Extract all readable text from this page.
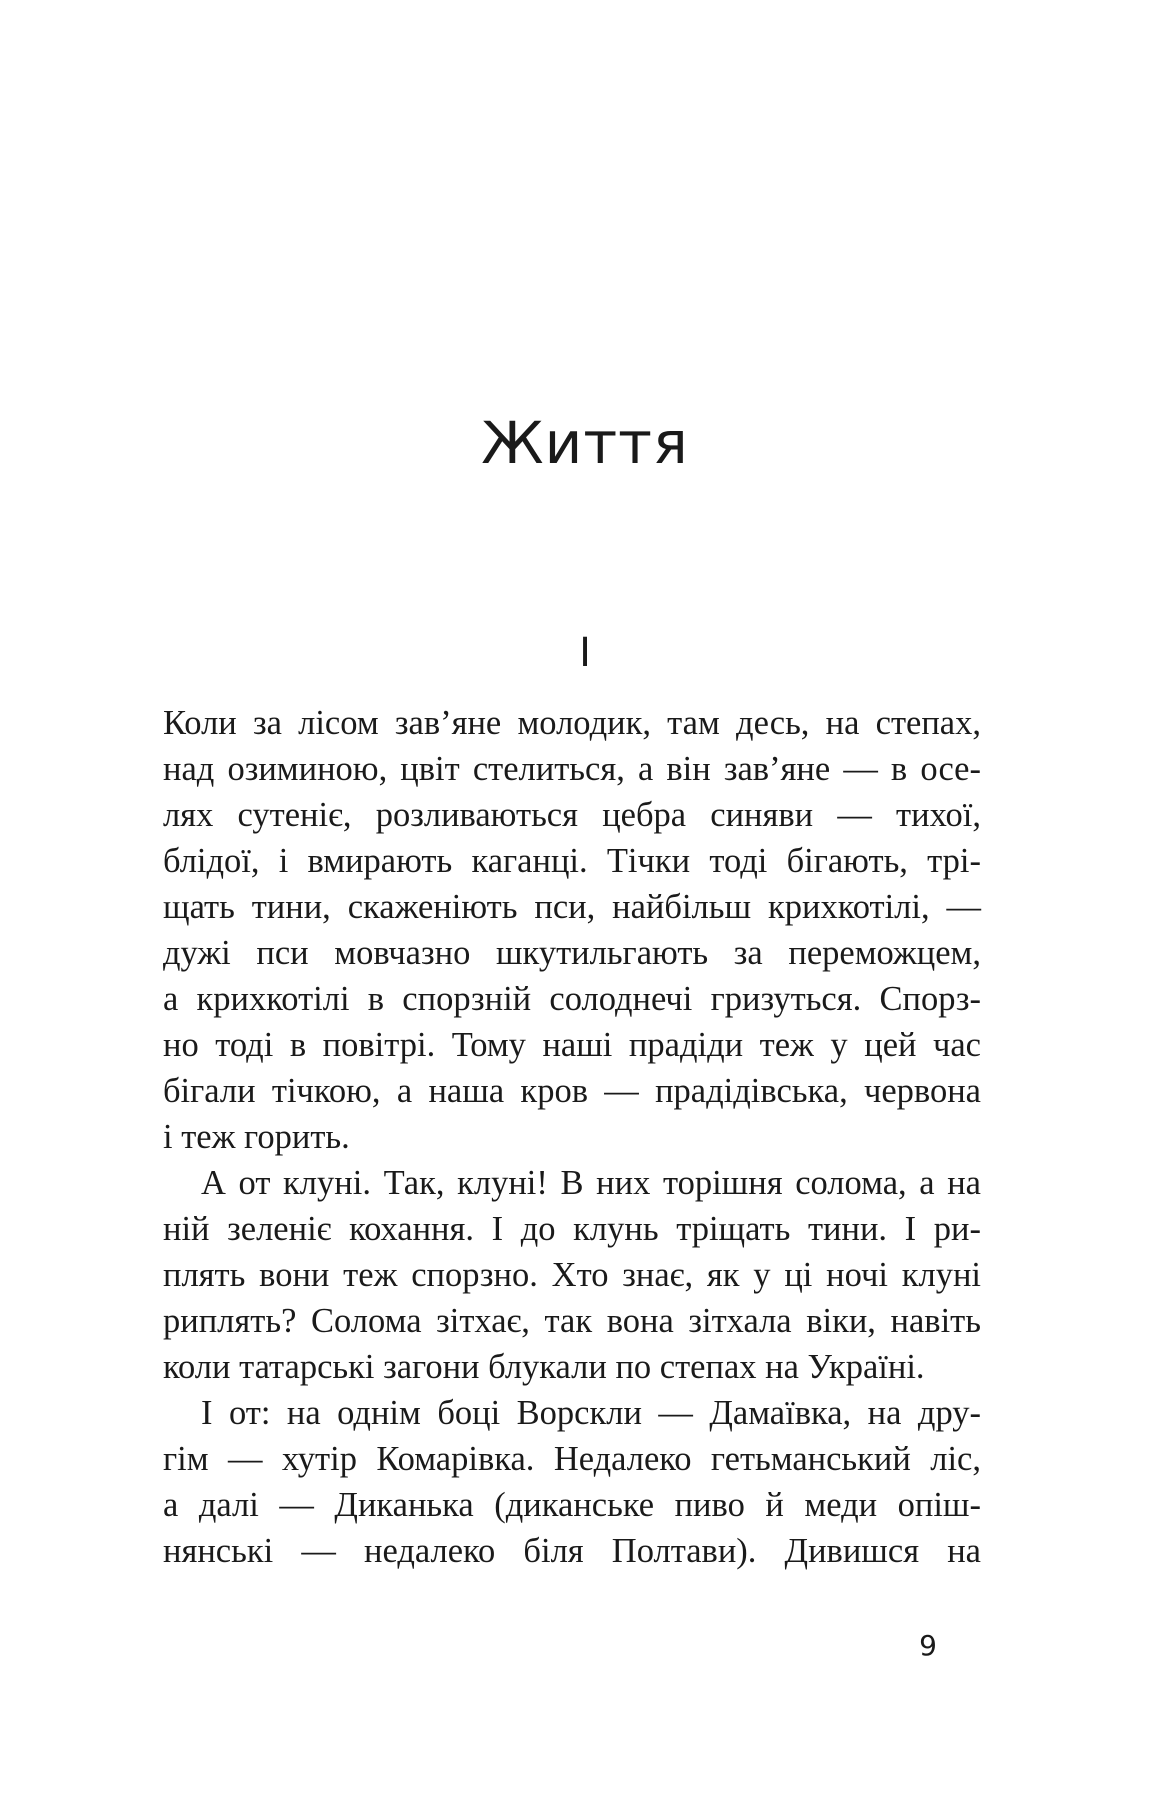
Життя
I
Коли за лісом зав’яне молодик, там десь, на степах,
над озиминою, цвіт стелиться, а він зав’яне — в осе-
лях сутеніє, розливаються цебра синяви — тихої,
блідої, і вмирають каганці. Тічки тоді бігають, трі-
щать тини, скаженіють пси, найбільш крихкотілі, —
дужі пси мовчазно шкутильгають за переможцем,
а крихкотілі в спорзній солоднечі гризуться. Спорз-
но тоді в повітрі. Тому наші прадіди теж у цей час
бігали тічкою, а наша кров — прадідівська, червона
і теж горить.
А от клуні. Так, клуні! В них торішня солома, а на
ній зеленіє кохання. І до клунь тріщать тини. І ри-
плять вони теж спорзно. Хто знає, як у ці ночі клуні
риплять? Солома зітхає, так вона зітхала віки, навіть
коли татарські загони блукали по степах на Україні.
І от: на однім боці Ворскли — Дамаївка, на дру-
гім — хутір Комарівка. Недалеко гетьманський ліс,
а далі — Диканька (диканське пиво й меди опіш-
нянські — недалеко біля Полтави). Дивишся на
9
